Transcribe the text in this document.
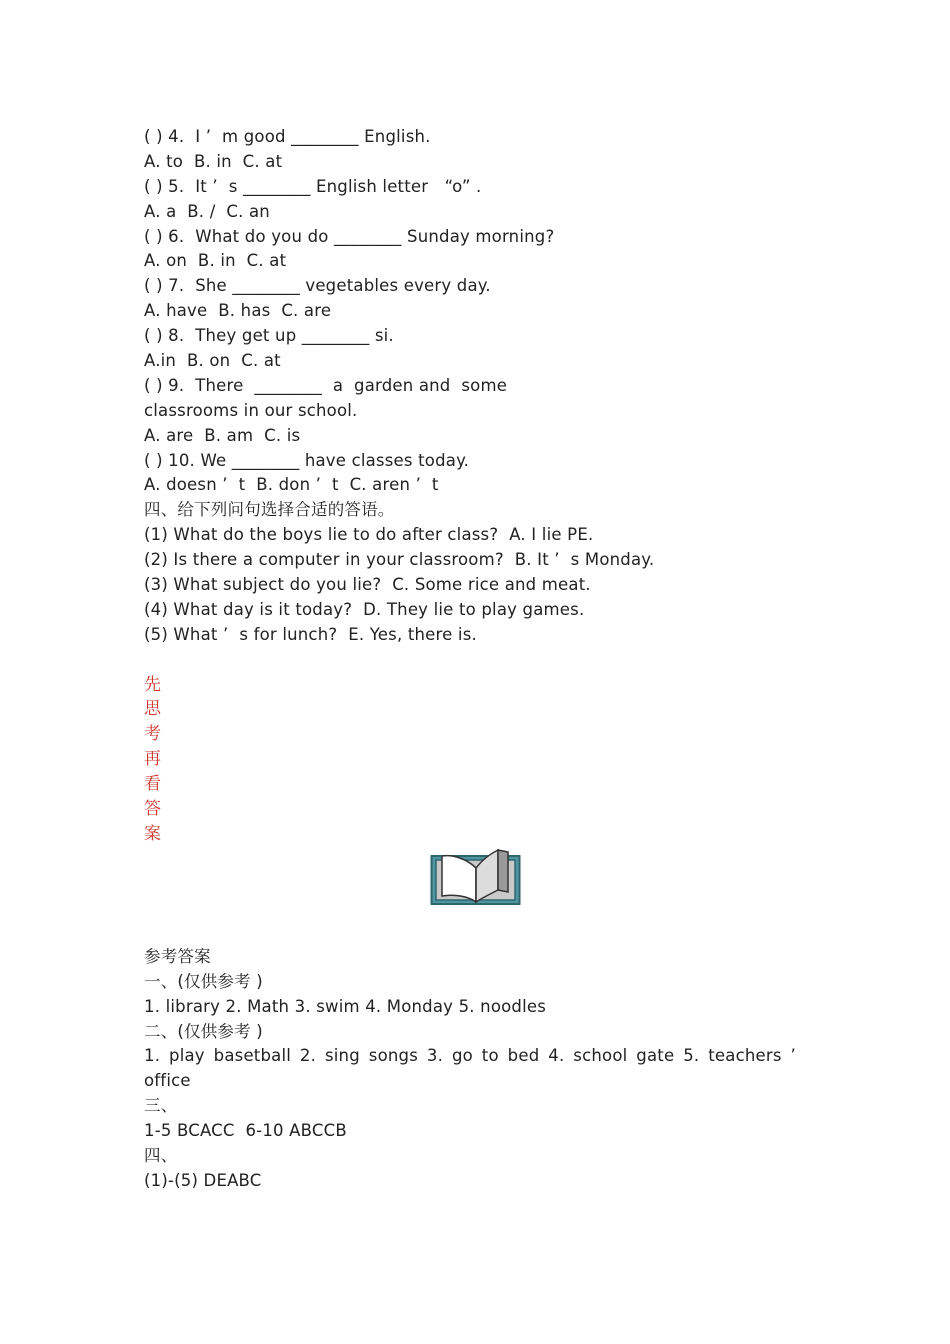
( ) 4.  I ’  m good ________ English.
A. to  B. in  C. at
( ) 5.  It ’  s ________ English letter   “o” .
A. a  B. /  C. an
( ) 6.  What do you do ________ Sunday morning?
A. on  B. in  C. at
( ) 7.  She ________ vegetables every day.
A. have  B. has  C. are
( ) 8.  They get up ________ si.
A.in  B. on  C. at
( ) 9.  There  ________  a  garden and  some
classrooms in our school.
A. are  B. am  C. is
( ) 10. We ________ have classes today.
A. doesn ’  t  B. don ’  t  C. aren ’  t
四、给下列问句选择合适的答语。
(1) What do the boys lie to do after class?  A. I lie PE.
(2) Is there a computer in your classroom?  B. It ’  s Monday.
(3) What subject do you lie?  C. Some rice and meat.
(4) What day is it today?  D. They lie to play games.
(5) What ’  s for lunch?  E. Yes, there is.
先
思
考
再
看
答
案
参考答案
一、(仅供参考 )
1. library 2. Math 3. swim 4. Monday 5. noodles
二、(仅供参考 )
1. play basetball 2. sing songs 3. go to bed 4. school gate 5. teachers ’ office
三、
1-5 BCACC  6-10 ABCCB
四、
(1)-(5) DEABC
